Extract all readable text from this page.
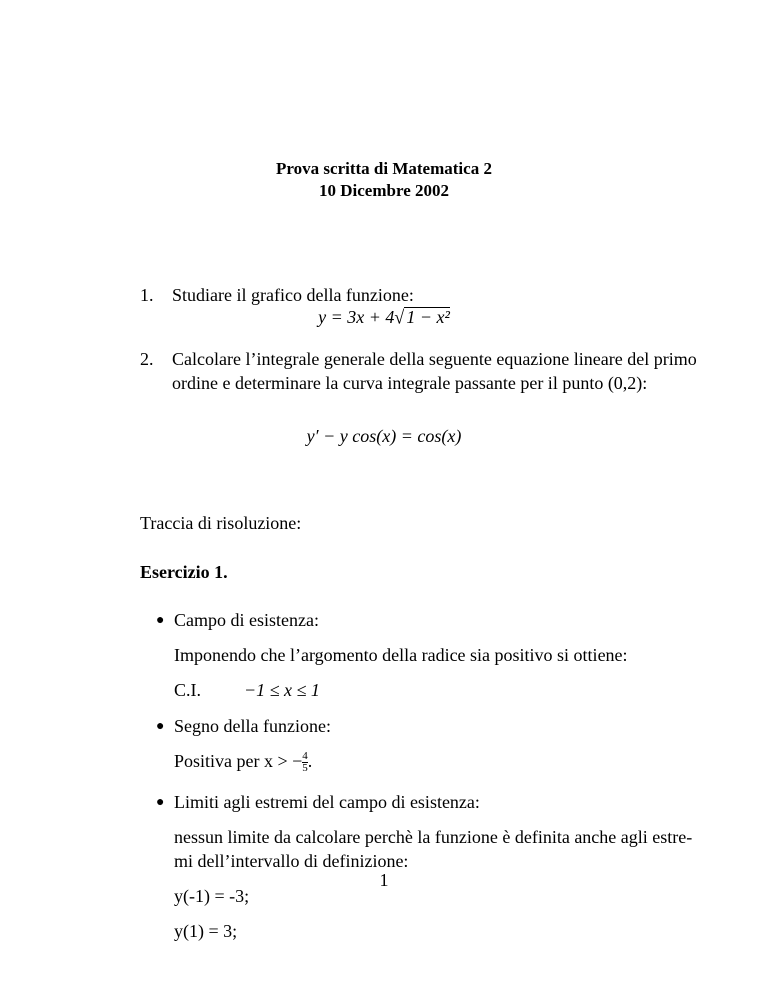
Prova scritta di Matematica 2
10 Dicembre 2002
1. Studiare il grafico della funzione:
y = 3x + 4√ 1 − x²
2. Calcolare l’integrale generale della seguente equazione lineare del primo
ordine e determinare la curva integrale passante per il punto (0,2):
y′ − y cos(x) = cos(x)
Traccia di risoluzione:
Esercizio 1.
● Campo di esistenza:
Imponendo che l’argomento della radice sia positivo si ottiene:
C.I. −1 ≤ x ≤ 1
● Segno della funzione:
Positiva per x > − $\frac{4}{5}$ .
● Limiti agli estremi del campo di esistenza:
nessun limite da calcolare perchè la funzione è definita anche agli estre-
mi dell’intervallo di definizione:
y(-1) = -3;
y(1) = 3;
1
